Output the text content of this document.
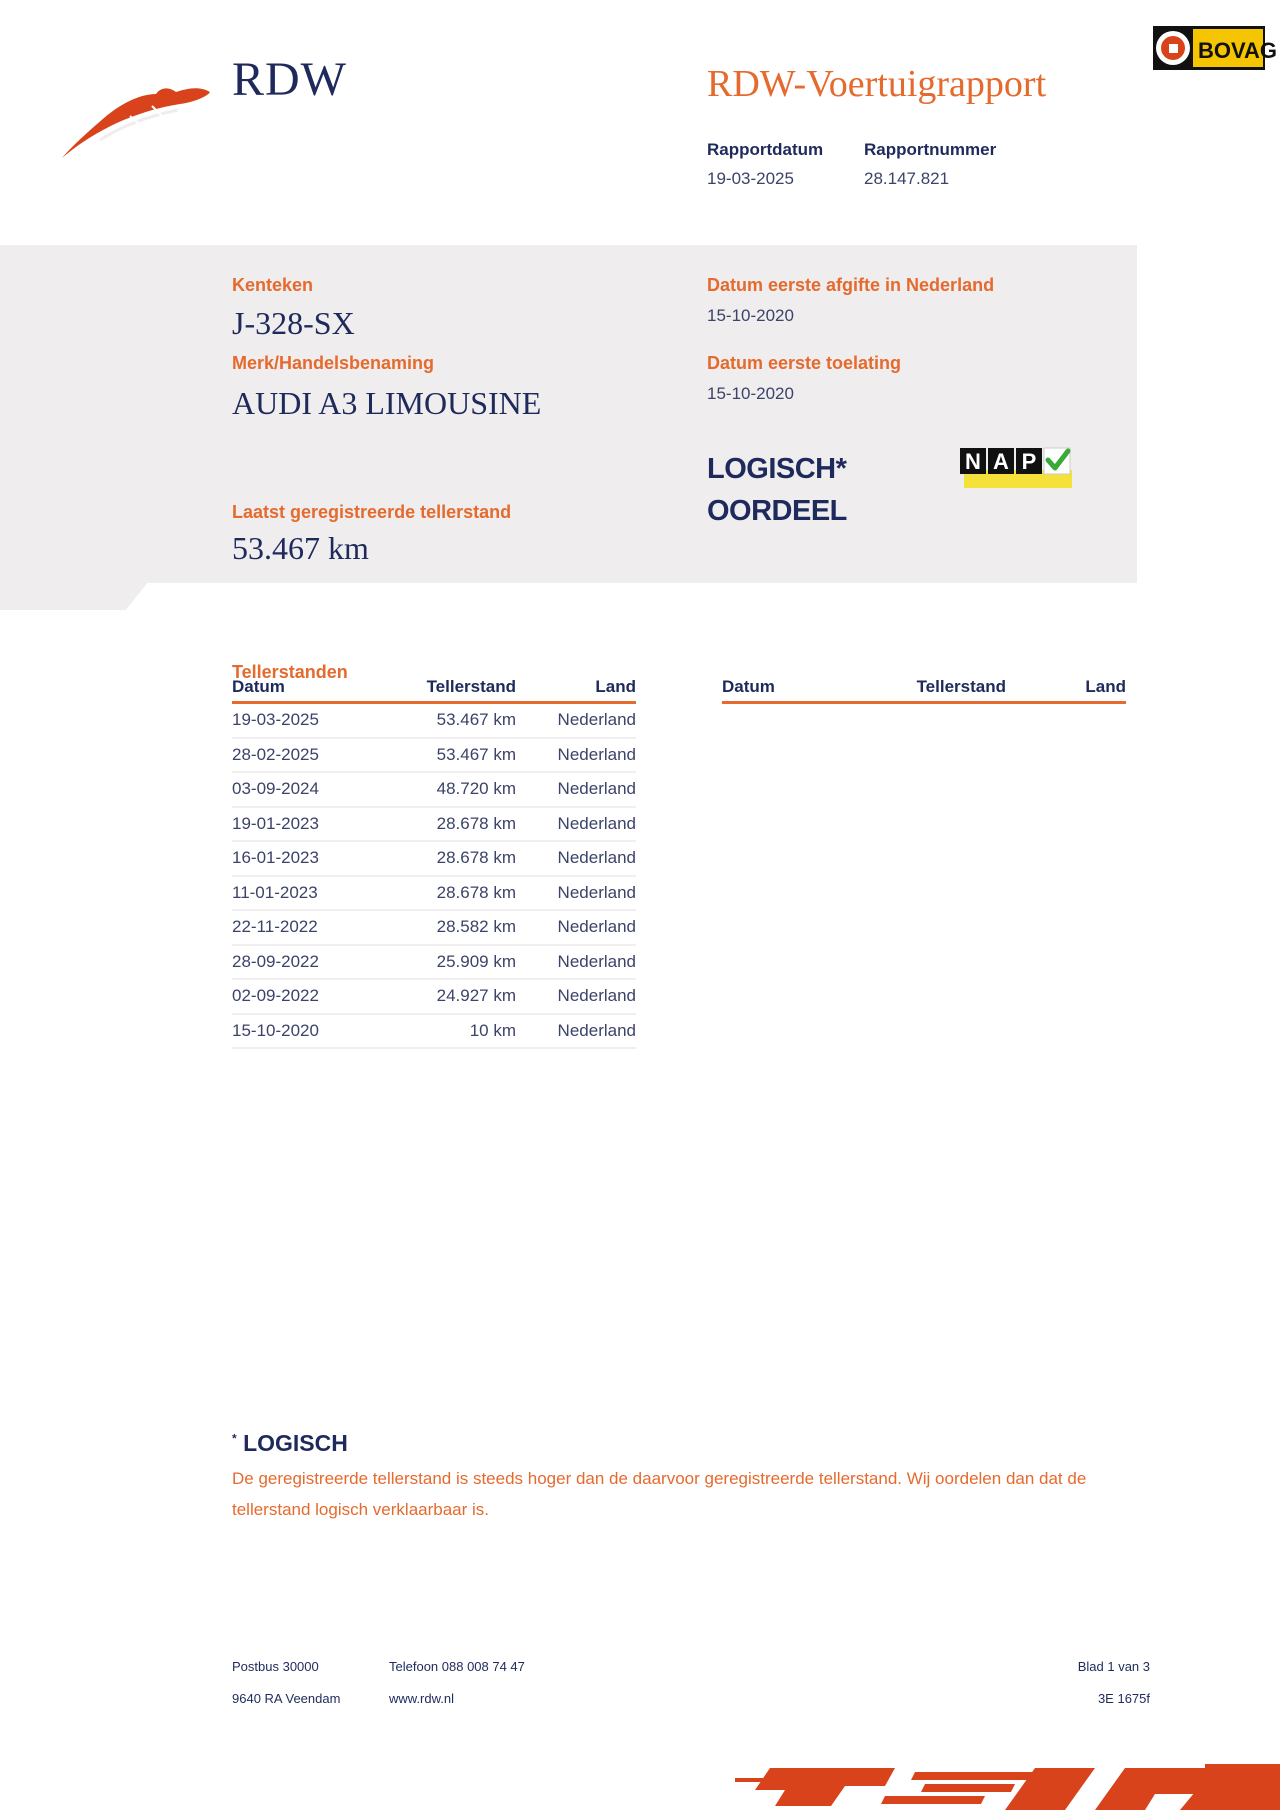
RDW	RDW-Voertuigrapport
BOVAG
Rapportdatum
19-03-2025
Rapportnummer
28.147.821
Kenteken
J-328-SX
Merk/Handelsbenaming
AUDI A3 LIMOUSINE
Laatst geregistreerde tellerstand
53.467 km
Datum eerste afgifte in Nederland
15-10-2020
Datum eerste toelating
15-10-2020
LOGISCH*
OORDEEL
N A P
Tellerstanden
Datum	Tellerstand	Land
19-03-2025	53.467 km	Nederland
28-02-2025	53.467 km	Nederland
03-09-2024	48.720 km	Nederland
19-01-2023	28.678 km	Nederland
16-01-2023	28.678 km	Nederland
11-01-2023	28.678 km	Nederland
22-11-2022	28.582 km	Nederland
28-09-2022	25.909 km	Nederland
02-09-2022	24.927 km	Nederland
15-10-2020	10 km	Nederland
Datum	Tellerstand	Land
* LOGISCH
De geregistreerde tellerstand is steeds hoger dan de daarvoor geregistreerde tellerstand. Wij oordelen dan dat de tellerstand logisch verklaarbaar is.
Postbus 30000
9640 RA Veendam
Telefoon 088 008 74 47
www.rdw.nl
Blad 1 van 3
3E 1675f
